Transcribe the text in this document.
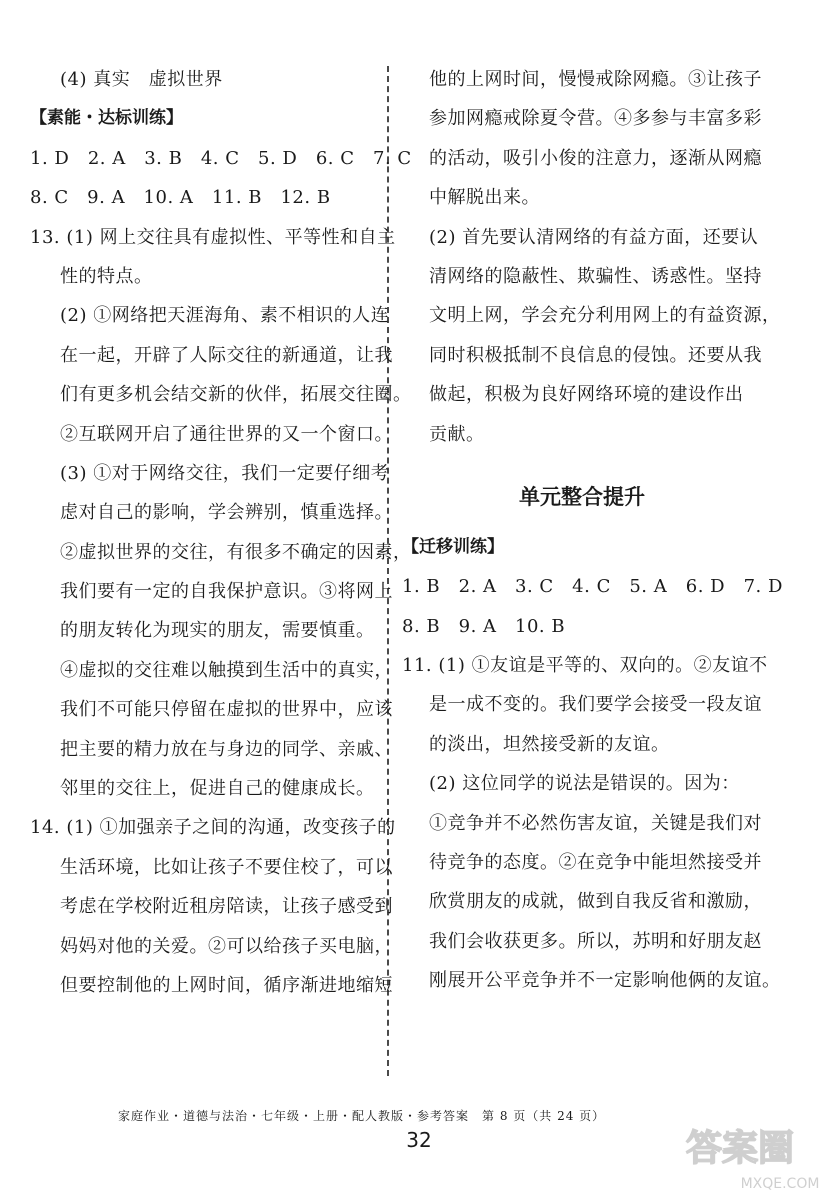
(4) 真实　虚拟世界
【素能・达标训练】
1. D　2. A　3. B　4. C　5. D　6. C　7. C
8. C　9. A　10. A　11. B　12. B
13. (1) 网上交往具有虚拟性、平等性和自主
性的特点。
(2) ①网络把天涯海角、素不相识的人连
在一起，开辟了人际交往的新通道，让我
们有更多机会结交新的伙伴，拓展交往圈。
②互联网开启了通往世界的又一个窗口。
(3) ①对于网络交往，我们一定要仔细考
虑对自己的影响，学会辨别，慎重选择。
②虚拟世界的交往，有很多不确定的因素，
我们要有一定的自我保护意识。③将网上
的朋友转化为现实的朋友，需要慎重。
④虚拟的交往难以触摸到生活中的真实，
我们不可能只停留在虚拟的世界中，应该
把主要的精力放在与身边的同学、亲戚、
邻里的交往上，促进自己的健康成长。
14. (1) ①加强亲子之间的沟通，改变孩子的
生活环境，比如让孩子不要住校了，可以
考虑在学校附近租房陪读，让孩子感受到
妈妈对他的关爱。②可以给孩子买电脑，
但要控制他的上网时间，循序渐进地缩短
他的上网时间，慢慢戒除网瘾。③让孩子
参加网瘾戒除夏令营。④多参与丰富多彩
的活动，吸引小俊的注意力，逐渐从网瘾
中解脱出来。
(2) 首先要认清网络的有益方面，还要认
清网络的隐蔽性、欺骗性、诱惑性。坚持
文明上网，学会充分利用网上的有益资源，
同时积极抵制不良信息的侵蚀。还要从我
做起，积极为良好网络环境的建设作出
贡献。
单元整合提升
【迁移训练】
1. B　2. A　3. C　4. C　5. A　6. D　7. D
8. B　9. A　10. B
11. (1) ①友谊是平等的、双向的。②友谊不
是一成不变的。我们要学会接受一段友谊
的淡出，坦然接受新的友谊。
(2) 这位同学的说法是错误的。因为：
①竞争并不必然伤害友谊，关键是我们对
待竞争的态度。②在竞争中能坦然接受并
欣赏朋友的成就，做到自我反省和激励，
我们会收获更多。所以，苏明和好朋友赵
刚展开公平竞争并不一定影响他俩的友谊。
家庭作业・道德与法治・七年级・上册・配人教版・参考答案　第 8 页（共 24 页）
32	答案圈
MXQE.COM
